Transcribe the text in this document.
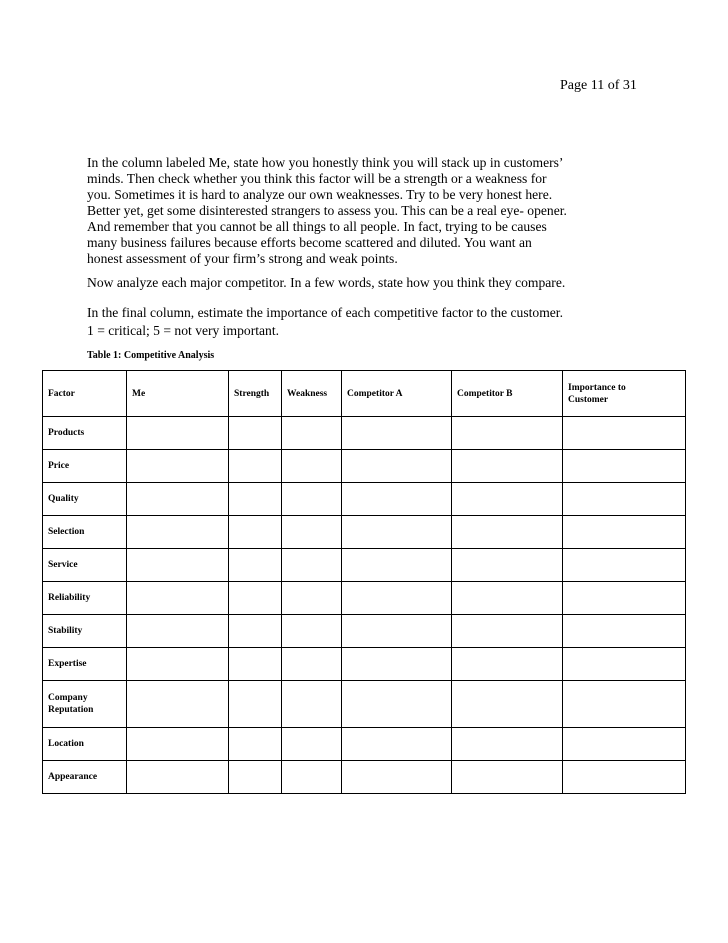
Page 11 of 31
In the column labeled Me, state how you honestly think you will stack up in customers’
minds. Then check whether you think this factor will be a strength or a weakness for
you. Sometimes it is hard to analyze our own weaknesses. Try to be very honest here.
Better yet, get some disinterested strangers to assess you. This can be a real eye- opener.
And remember that you cannot be all things to all people. In fact, trying to be causes
many business failures because efforts become scattered and diluted. You want an
honest assessment of your firm’s strong and weak points.
Now analyze each major competitor. In a few words, state how you think they compare.
In the final column, estimate the importance of each competitive factor to the customer.
1 = critical; 5 = not very important.
Table 1: Competitive Analysis
Factor	Me	Strength	Weakness	Competitor A	Competitor B	Importance to
Customer

Products						

Price						

Quality						

Selection						

Service						

Reliability						

Stability						

Expertise						

Company
Reputation						

Location						

Appearance						
